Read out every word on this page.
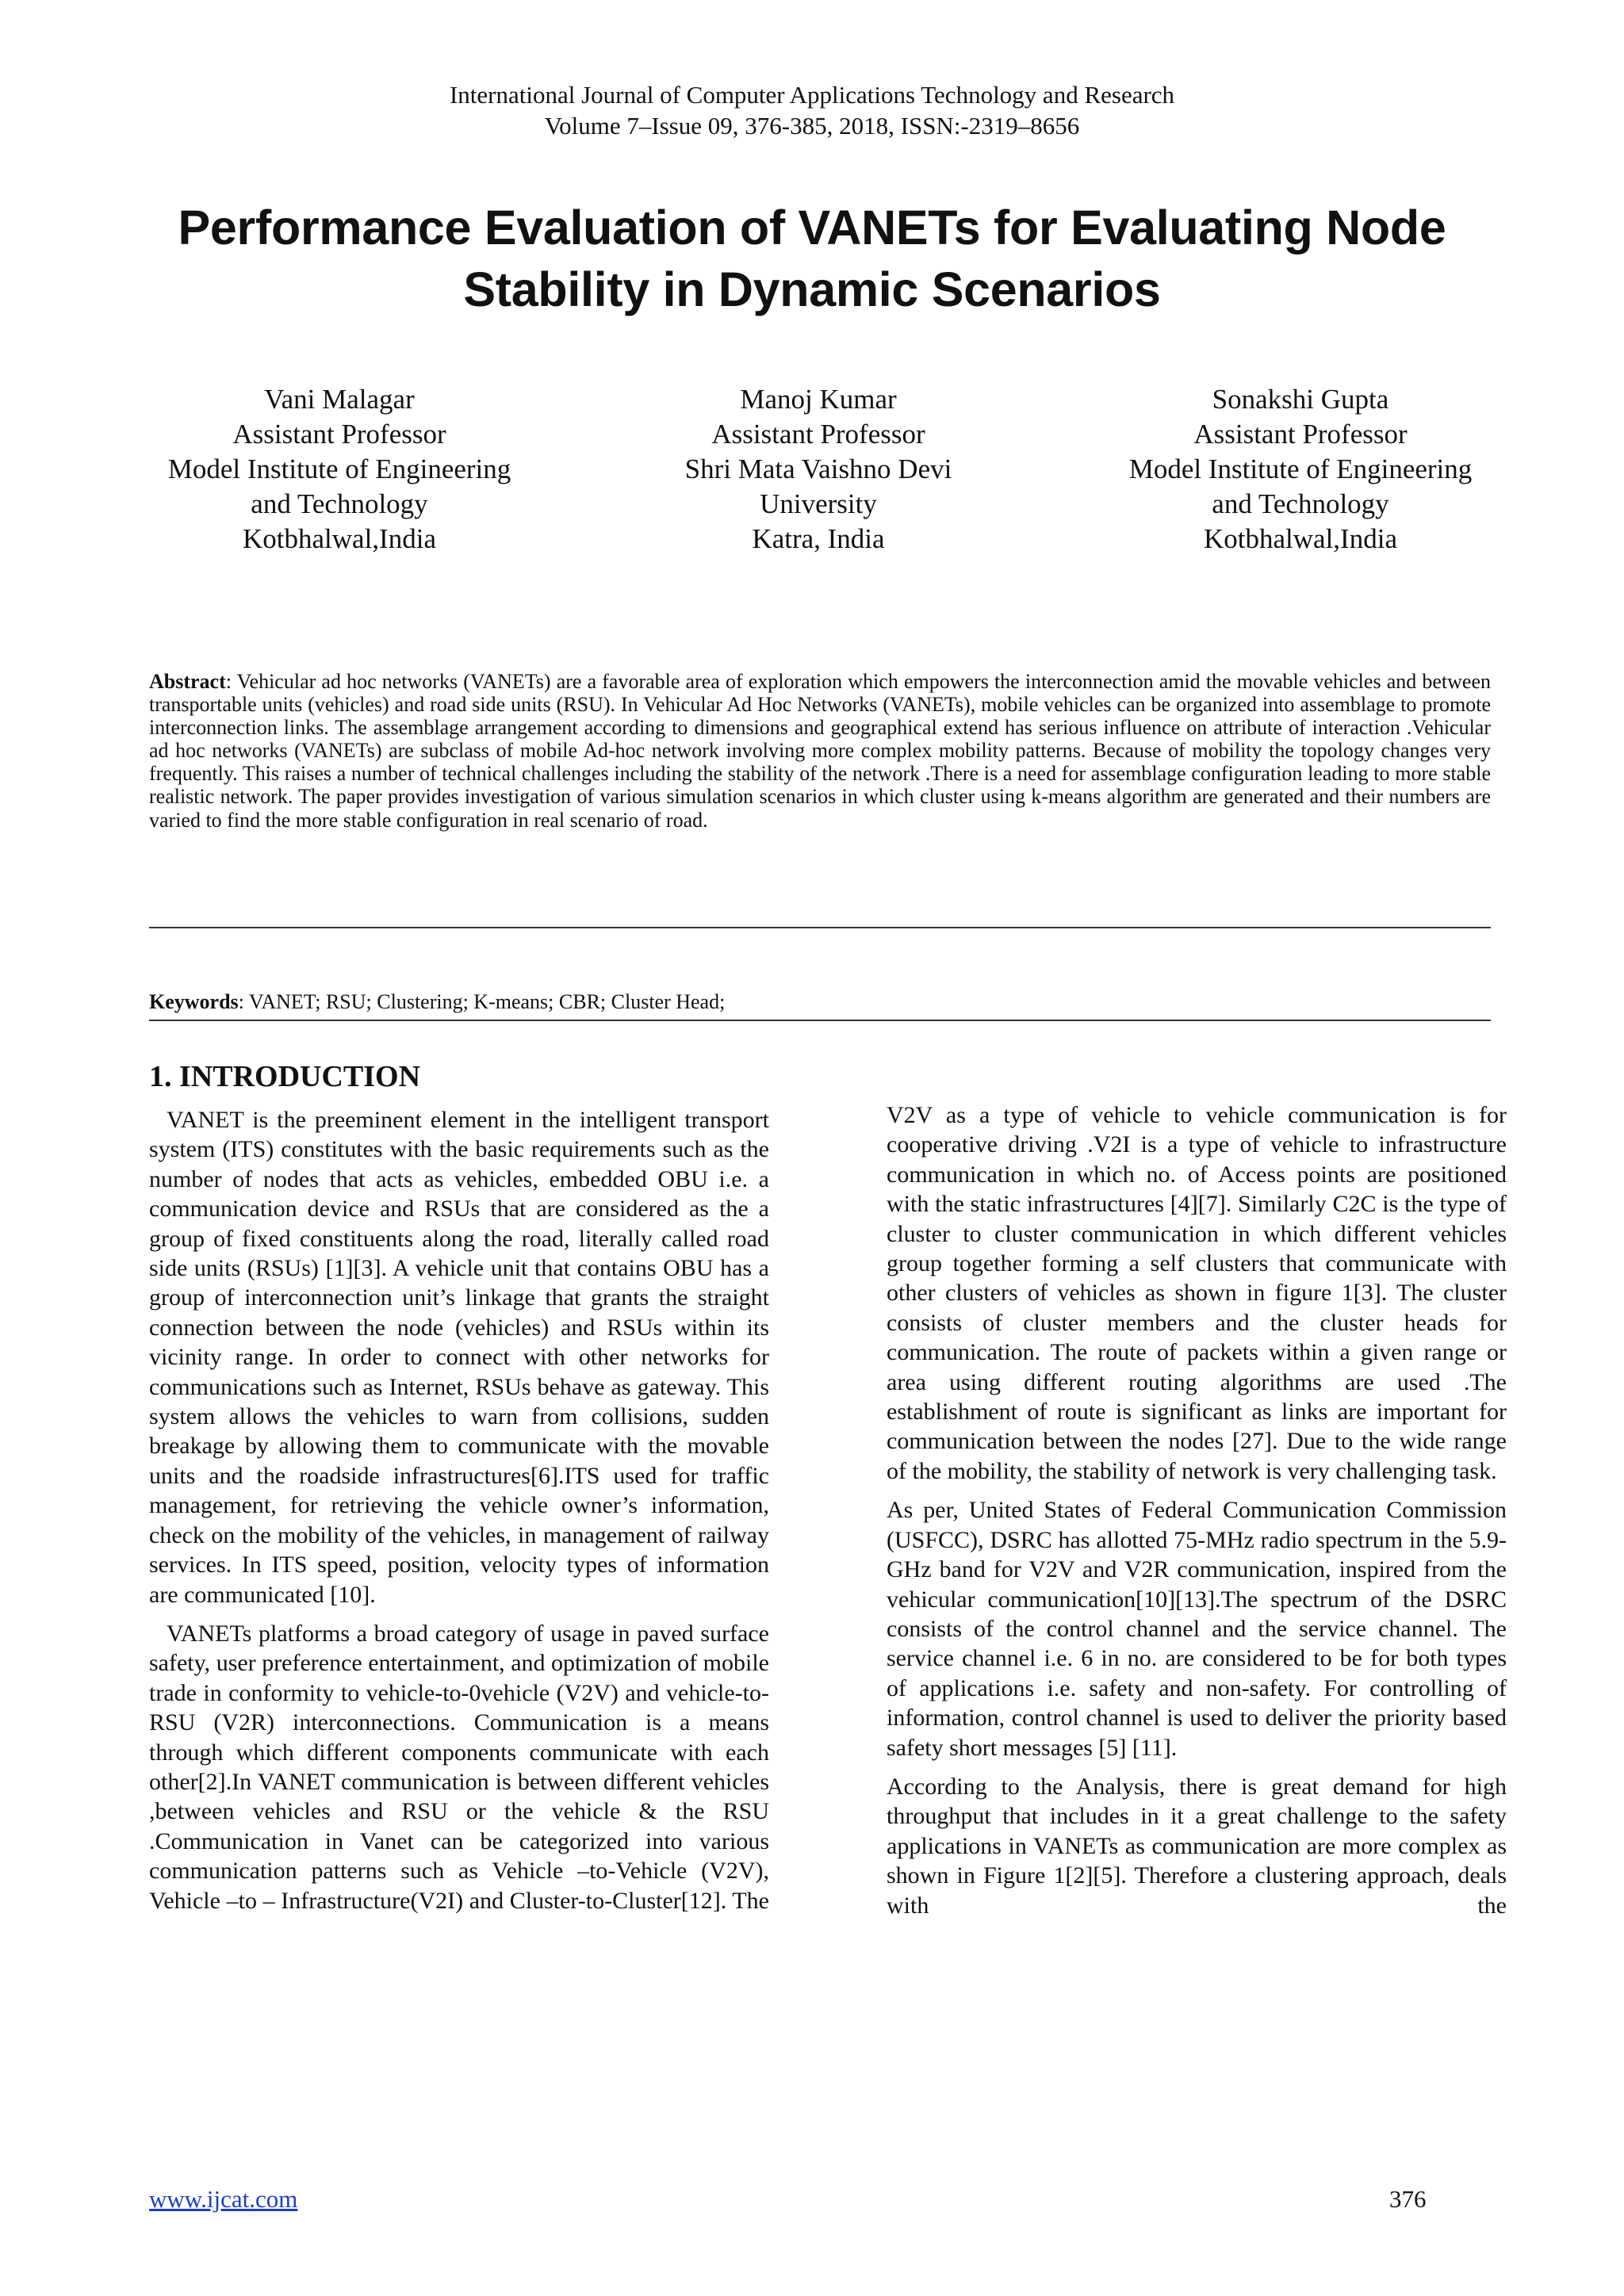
International Journal of Computer Applications Technology and Research
Volume 7–Issue 09, 376-385, 2018, ISSN:-2319–8656
Performance Evaluation of VANETs for Evaluating Node
Stability in Dynamic Scenarios
Vani Malagar
Assistant Professor
Model Institute of Engineering
and Technology
Kotbhalwal,India
Manoj Kumar
Assistant Professor
Shri Mata Vaishno Devi
University
Katra, India
Sonakshi Gupta
Assistant Professor
Model Institute of Engineering
and Technology
Kotbhalwal,India
Abstract: Vehicular ad hoc networks (VANETs) are a favorable area of exploration which empowers the interconnection amid the movable vehicles and between transportable units (vehicles) and road side units (RSU). In Vehicular Ad Hoc Networks (VANETs), mobile vehicles can be organized into assemblage to promote interconnection links. The assemblage arrangement according to dimensions and geographical extend has serious influence on attribute of interaction .Vehicular ad hoc networks (VANETs) are subclass of mobile Ad-hoc network involving more complex mobility patterns. Because of mobility the topology changes very frequently. This raises a number of technical challenges including the stability of the network .There is a need for assemblage configuration leading to more stable realistic network. The paper provides investigation of various simulation scenarios in which cluster using k-means algorithm are generated and their numbers are varied to find the more stable configuration in real scenario of road.
Keywords: VANET; RSU; Clustering; K-means; CBR; Cluster Head;
1. INTRODUCTION

VANET is the preeminent element in the intelligent transport system (ITS) constitutes with the basic requirements such as the number of nodes that acts as vehicles, embedded OBU i.e. a communication device and RSUs that are considered as the a group of fixed constituents along the road, literally called road side units (RSUs) [1][3]. A vehicle unit that contains OBU has a group of interconnection unit’s linkage that grants the straight connection between the node (vehicles) and RSUs within its vicinity range. In order to connect with other networks for communications such as Internet, RSUs behave as gateway. This system allows the vehicles to warn from collisions, sudden breakage by allowing them to communicate with the movable units and the roadside infrastructures[6].ITS used for traffic management, for retrieving the vehicle owner’s information, check on the mobility of the vehicles, in management of railway services. In ITS speed, position, velocity types of information are communicated [10].

VANETs platforms a broad category of usage in paved surface safety, user preference entertainment, and optimization of mobile trade in conformity to vehicle-to-0vehicle (V2V) and vehicle-to-RSU (V2R) interconnections. Communication is a means through which different components communicate with each other[2].In VANET communication is between different vehicles ,between vehicles and RSU or the vehicle & the RSU .Communication in Vanet can be categorized into various communication patterns such as Vehicle –to-Vehicle (V2V), Vehicle –to – Infrastructure(V2I) and Cluster-to-Cluster[12]. The

V2V as a type of vehicle to vehicle communication is for cooperative driving .V2I is a type of vehicle to infrastructure communication in which no. of Access points are positioned with the static infrastructures [4][7]. Similarly C2C is the type of cluster to cluster communication in which different vehicles group together forming a self clusters that communicate with other clusters of vehicles as shown in figure 1[3]. The cluster consists of cluster members and the cluster heads for communication. The route of packets within a given range or area using different routing algorithms are used .The establishment of route is significant as links are important for communication between the nodes [27]. Due to the wide range of the mobility, the stability of network is very challenging task.

As per, United States of Federal Communication Commission (USFCC), DSRC has allotted 75-MHz radio spectrum in the 5.9-GHz band for V2V and V2R communication, inspired from the vehicular communication[10][13].The spectrum of the DSRC consists of the control channel and the service channel. The service channel i.e. 6 in no. are considered to be for both types of applications i.e. safety and non-safety. For controlling of information, control channel is used to deliver the priority based safety short messages [5] [11].

According to the Analysis, there is great demand for high throughput that includes in it a great challenge to the safety applications in VANETs as communication are more complex as shown in Figure 1[2][5]. Therefore a clustering approach, deals with the

www.ijcat.com	376
